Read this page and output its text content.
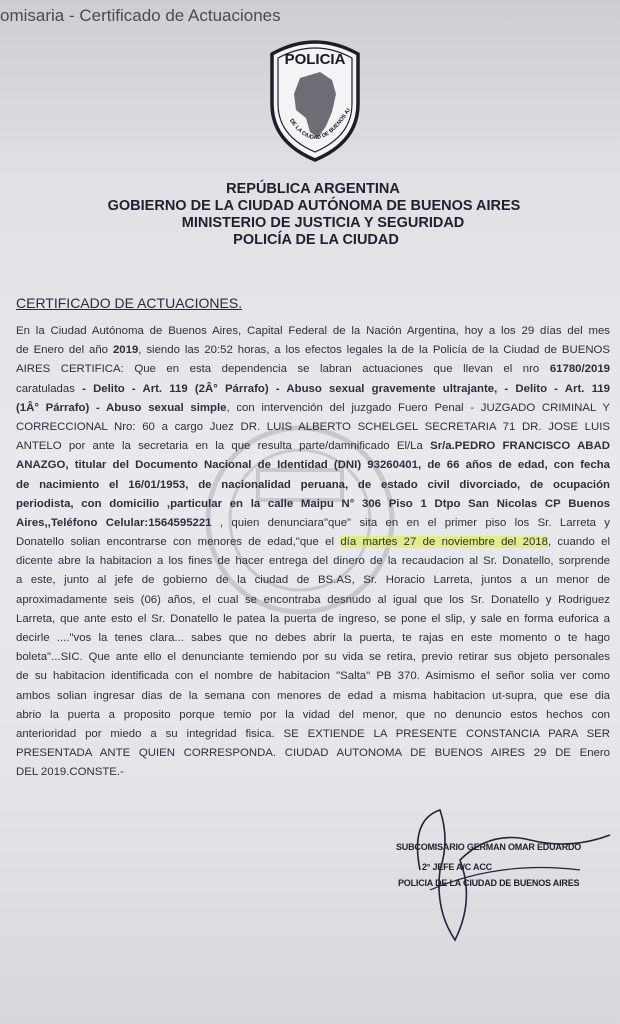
omisaria - Certificado de Actuaciones
POLICIA
DE LA CIUDAD DE BUENOS AI
REPÚBLICA ARGENTINA
GOBIERNO DE LA CIUDAD AUTÓNOMA DE BUENOS AIRES
MINISTERIO DE JUSTICIA Y SEGURIDAD
POLICÍA DE LA CIUDAD
CERTIFICADO DE ACTUACIONES.
En la Ciudad Autónoma de Buenos Aires, Capital Federal de la Nación Argentina, hoy a los 29 días del mes
de Enero del año 2019, siendo las 20:52 horas, a los efectos legales la de la Policía de la Ciudad de BUENOS
AIRES CERTIFICA: Que en esta dependencia se labran actuaciones que llevan el nro 61780/2019
caratuladas - Delito - Art. 119 (2Â° Párrafo) - Abuso sexual gravemente ultrajante, - Delito - Art. 119
(1Â° Párrafo) - Abuso sexual simple, con intervención del juzgado Fuero Penal - JUZGADO CRIMINAL Y
CORRECCIONAL Nro: 60 a cargo Juez DR. LUIS ALBERTO SCHELGEL SECRETARIA 71 DR. JOSE LUIS
ANTELO por ante la secretaria en la que resulta parte/damnificado El/La Sr/a.PEDRO FRANCISCO ABAD
ANAZGO, titular del Documento Nacional de Identidad (DNI) 93260401, de 66 años de edad, con fecha
de nacimiento el 16/01/1953, de nacionalidad peruana, de estado civil divorciado, de ocupación
periodista, con domicilio ,particular en la calle Maipu N° 306 Piso 1 Dtpo San Nicolas CP Buenos
Aires,,Teléfono Celular:1564595221 , quien denunciara"que" sita en en el primer piso los Sr. Larreta y
Donatello solian encontrarse con menores de edad,"que el día martes 27 de noviembre del 2018, cuando el
dicente abre la habitacion a los fines de hacer entrega del dinero de la recaudacion al Sr. Donatello, sorprende
a este, junto al jefe de gobierno de la ciudad de BS.AS, Sr. Horacio Larreta, juntos a un menor de
aproximadamente seis (06) años, el cual se encontraba desnudo al igual que los Sr. Donatello y Rodriguez
Larreta, que ante esto el Sr. Donatello le patea la puerta de ingreso, se pone el slip, y sale en forma euforica a
decirle ...."vos la tenes clara... sabes que no debes abrir la puerta, te rajas en este momento o te hago
boleta"...SIC. Que ante ello el denunciante temiendo por su vida se retira, previo retirar sus objeto personales
de su habitacion identificada con el nombre de habitacion "Salta" PB 370. Asimismo el señor solia ver como
ambos solian ingresar dias de la semana con menores de edad a misma habitacion ut-supra, que ese dia
abrio la puerta a proposito porque temio por la vidad del menor, que no denuncio estos hechos con
anterioridad por miedo a su integridad fisica. SE EXTIENDE LA PRESENTE CONSTANCIA PARA SER
PRESENTADA ANTE QUIEN CORRESPONDA. CIUDAD AUTONOMA DE BUENOS AIRES 29 DE Enero
DEL 2019.CONSTE.-
SUBCOMISARIO GERMAN OMAR EDUARDO
2° JEFE A/C ACC
POLICIA DE LA CIUDAD DE BUENOS AIRES
